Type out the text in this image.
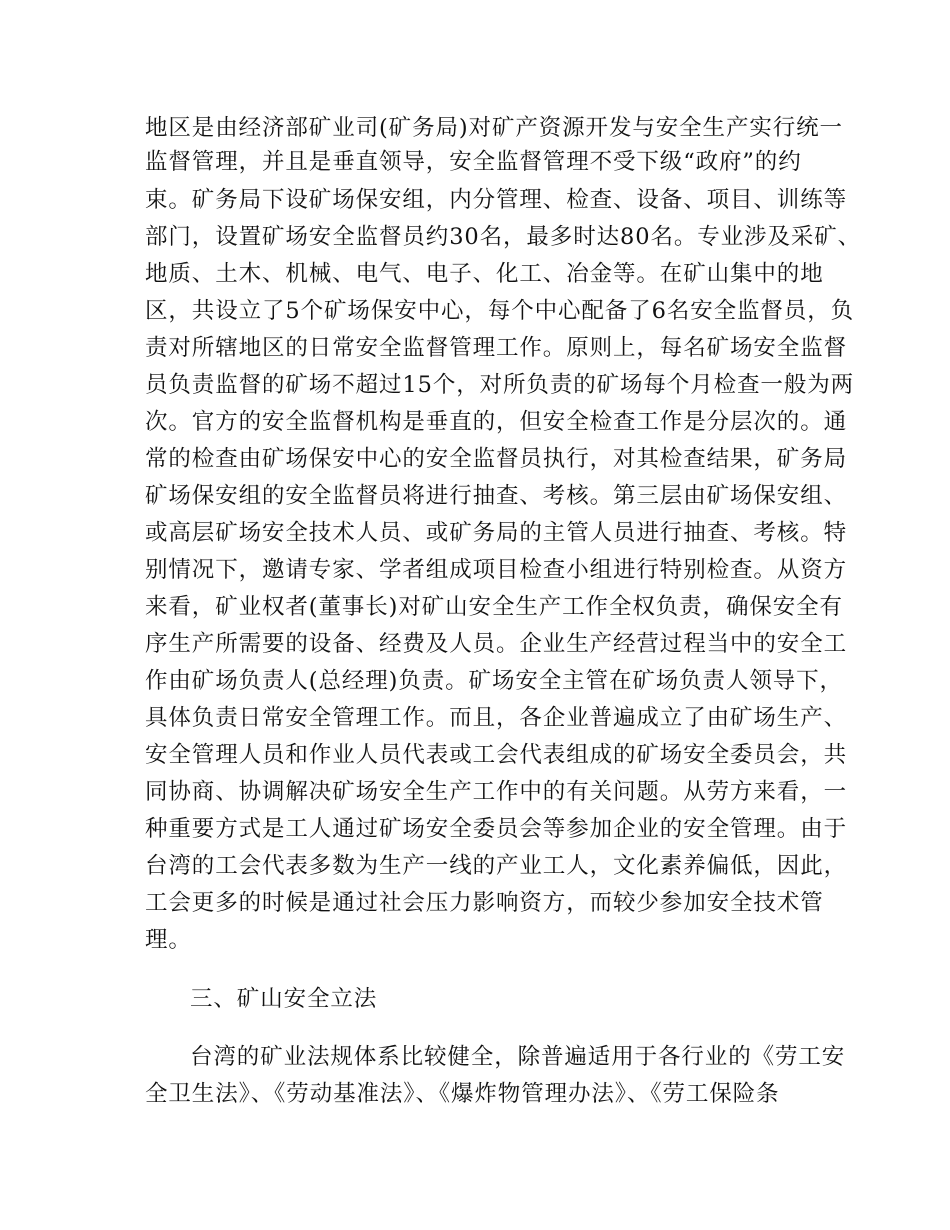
地区是由经济部矿业司(矿务局)对矿产资源开发与安全生产实行统一
监督管理，并且是垂直领导，安全监督管理不受下级“政府”的约
束。矿务局下设矿场保安组，内分管理、检查、设备、项目、训练等
部门，设置矿场安全监督员约30名，最多时达80名。专业涉及采矿、
地质、土木、机械、电气、电子、化工、冶金等。在矿山集中的地
区，共设立了5个矿场保安中心，每个中心配备了6名安全监督员，负
责对所辖地区的日常安全监督管理工作。原则上，每名矿场安全监督
员负责监督的矿场不超过15个，对所负责的矿场每个月检查一般为两
次。官方的安全监督机构是垂直的，但安全检查工作是分层次的。通
常的检查由矿场保安中心的安全监督员执行，对其检查结果，矿务局
矿场保安组的安全监督员将进行抽查、考核。第三层由矿场保安组、
或高层矿场安全技术人员、或矿务局的主管人员进行抽查、考核。特
别情况下，邀请专家、学者组成项目检查小组进行特别检查。从资方
来看，矿业权者(董事长)对矿山安全生产工作全权负责，确保安全有
序生产所需要的设备、经费及人员。企业生产经营过程当中的安全工
作由矿场负责人(总经理)负责。矿场安全主管在矿场负责人领导下，
具体负责日常安全管理工作。而且，各企业普遍成立了由矿场生产、
安全管理人员和作业人员代表或工会代表组成的矿场安全委员会，共
同协商、协调解决矿场安全生产工作中的有关问题。从劳方来看，一
种重要方式是工人通过矿场安全委员会等参加企业的安全管理。由于
台湾的工会代表多数为生产一线的产业工人，文化素养偏低，因此，
工会更多的时候是通过社会压力影响资方，而较少参加安全技术管
理。
三、矿山安全立法
台湾的矿业法规体系比较健全，除普遍适用于各行业的《劳工安
全卫生法》、《劳动基准法》、《爆炸物管理办法》、《劳工保险条
